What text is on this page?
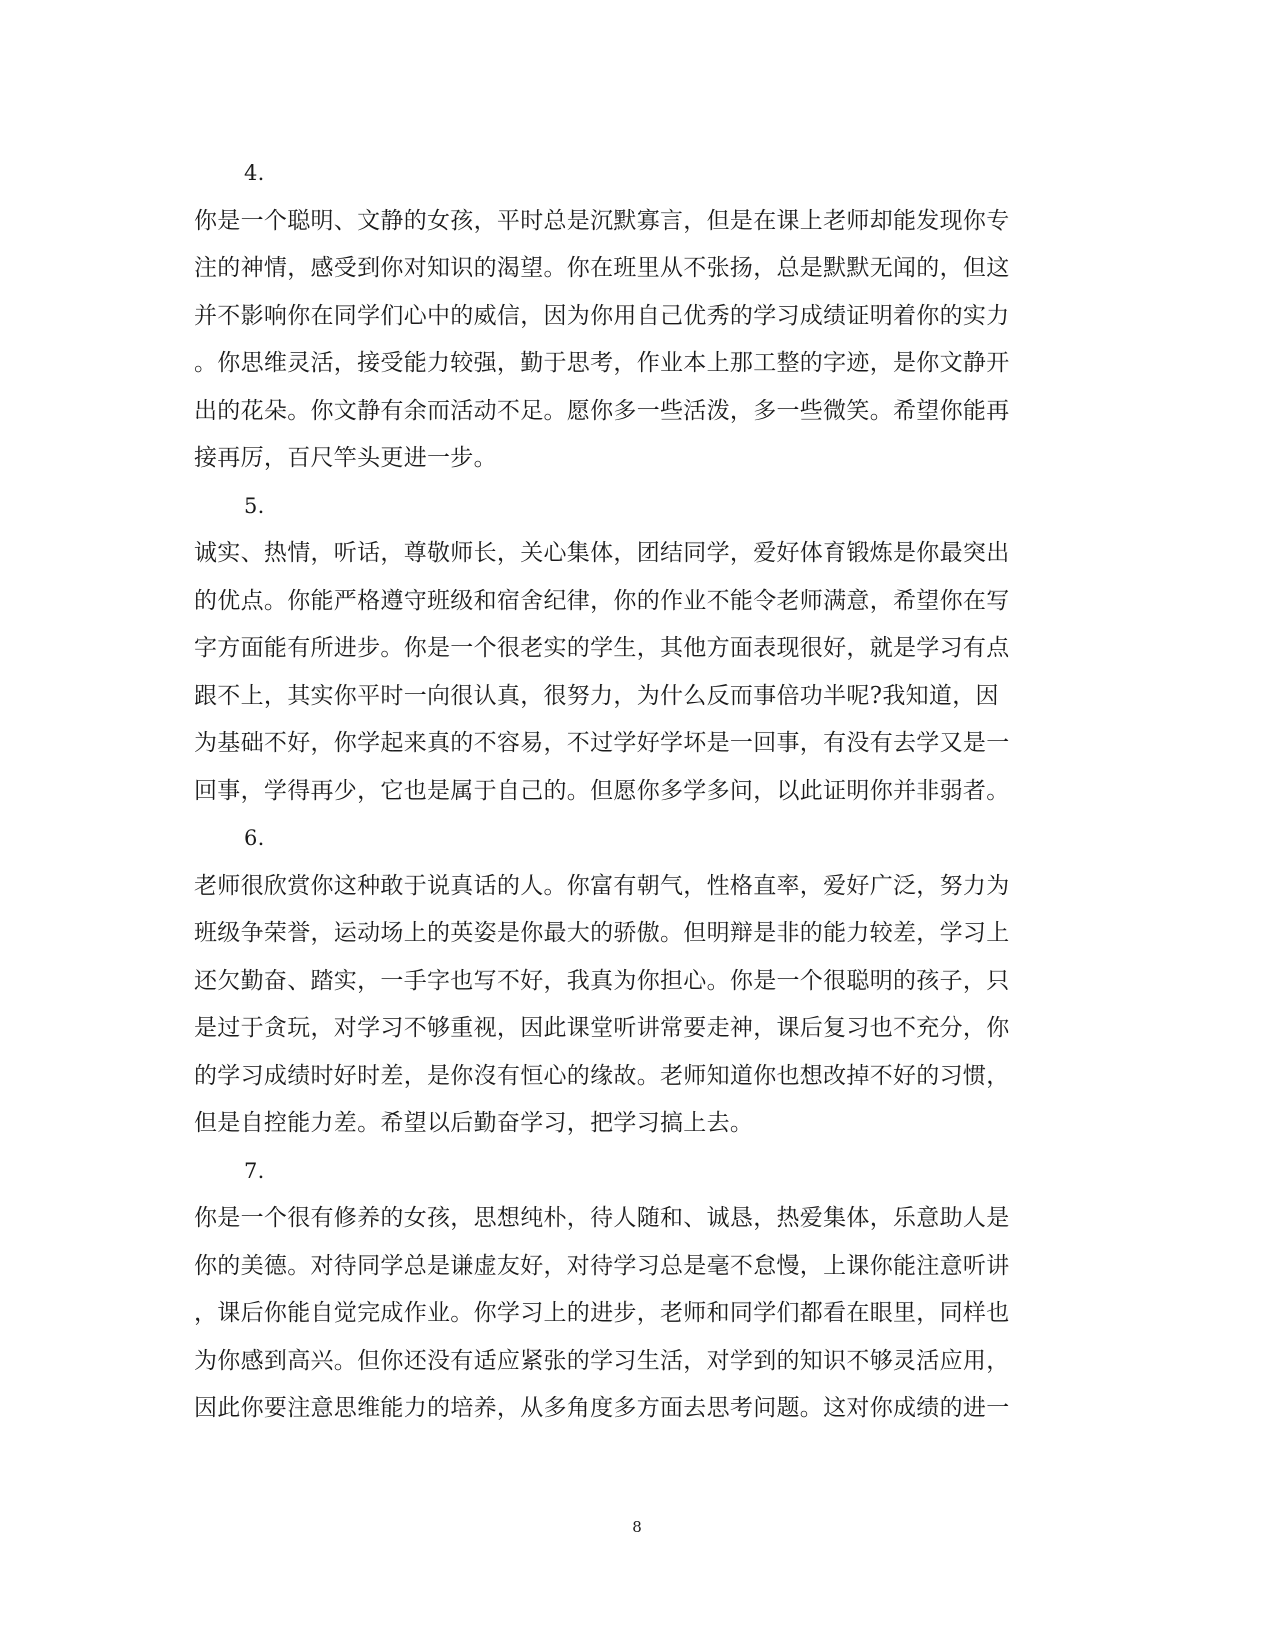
4.
你是一个聪明、文静的女孩，平时总是沉默寡言，但是在课上老师却能发现你专
注的神情，感受到你对知识的渴望。你在班里从不张扬，总是默默无闻的，但这
并不影响你在同学们心中的威信，因为你用自己优秀的学习成绩证明着你的实力
。你思维灵活，接受能力较强，勤于思考，作业本上那工整的字迹，是你文静开
出的花朵。你文静有余而活动不足。愿你多一些活泼，多一些微笑。希望你能再
接再厉，百尺竿头更进一步。
5.
诚实、热情，听话，尊敬师长，关心集体，团结同学，爱好体育锻炼是你最突出
的优点。你能严格遵守班级和宿舍纪律，你的作业不能令老师满意，希望你在写
字方面能有所进步。你是一个很老实的学生，其他方面表现很好，就是学习有点
跟不上，其实你平时一向很认真，很努力，为什么反而事倍功半呢?我知道，因
为基础不好，你学起来真的不容易，不过学好学坏是一回事，有没有去学又是一
回事，学得再少，它也是属于自己的。但愿你多学多问，以此证明你并非弱者。
6.
老师很欣赏你这种敢于说真话的人。你富有朝气，性格直率，爱好广泛，努力为
班级争荣誉，运动场上的英姿是你最大的骄傲。但明辩是非的能力较差，学习上
还欠勤奋、踏实，一手字也写不好，我真为你担心。你是一个很聪明的孩子，只
是过于贪玩，对学习不够重视，因此课堂听讲常要走神，课后复习也不充分，你
的学习成绩时好时差，是你沒有恒心的缘故。老师知道你也想改掉不好的习惯，
但是自控能力差。希望以后勤奋学习，把学习搞上去。
7.
你是一个很有修养的女孩，思想纯朴，待人随和、诚恳，热爱集体，乐意助人是
你的美德。对待同学总是谦虚友好，对待学习总是毫不怠慢，上课你能注意听讲
，课后你能自觉完成作业。你学习上的进步，老师和同学们都看在眼里，同样也
为你感到高兴。但你还没有适应紧张的学习生活，对学到的知识不够灵活应用，
因此你要注意思维能力的培养，从多角度多方面去思考问题。这对你成绩的进一
8
